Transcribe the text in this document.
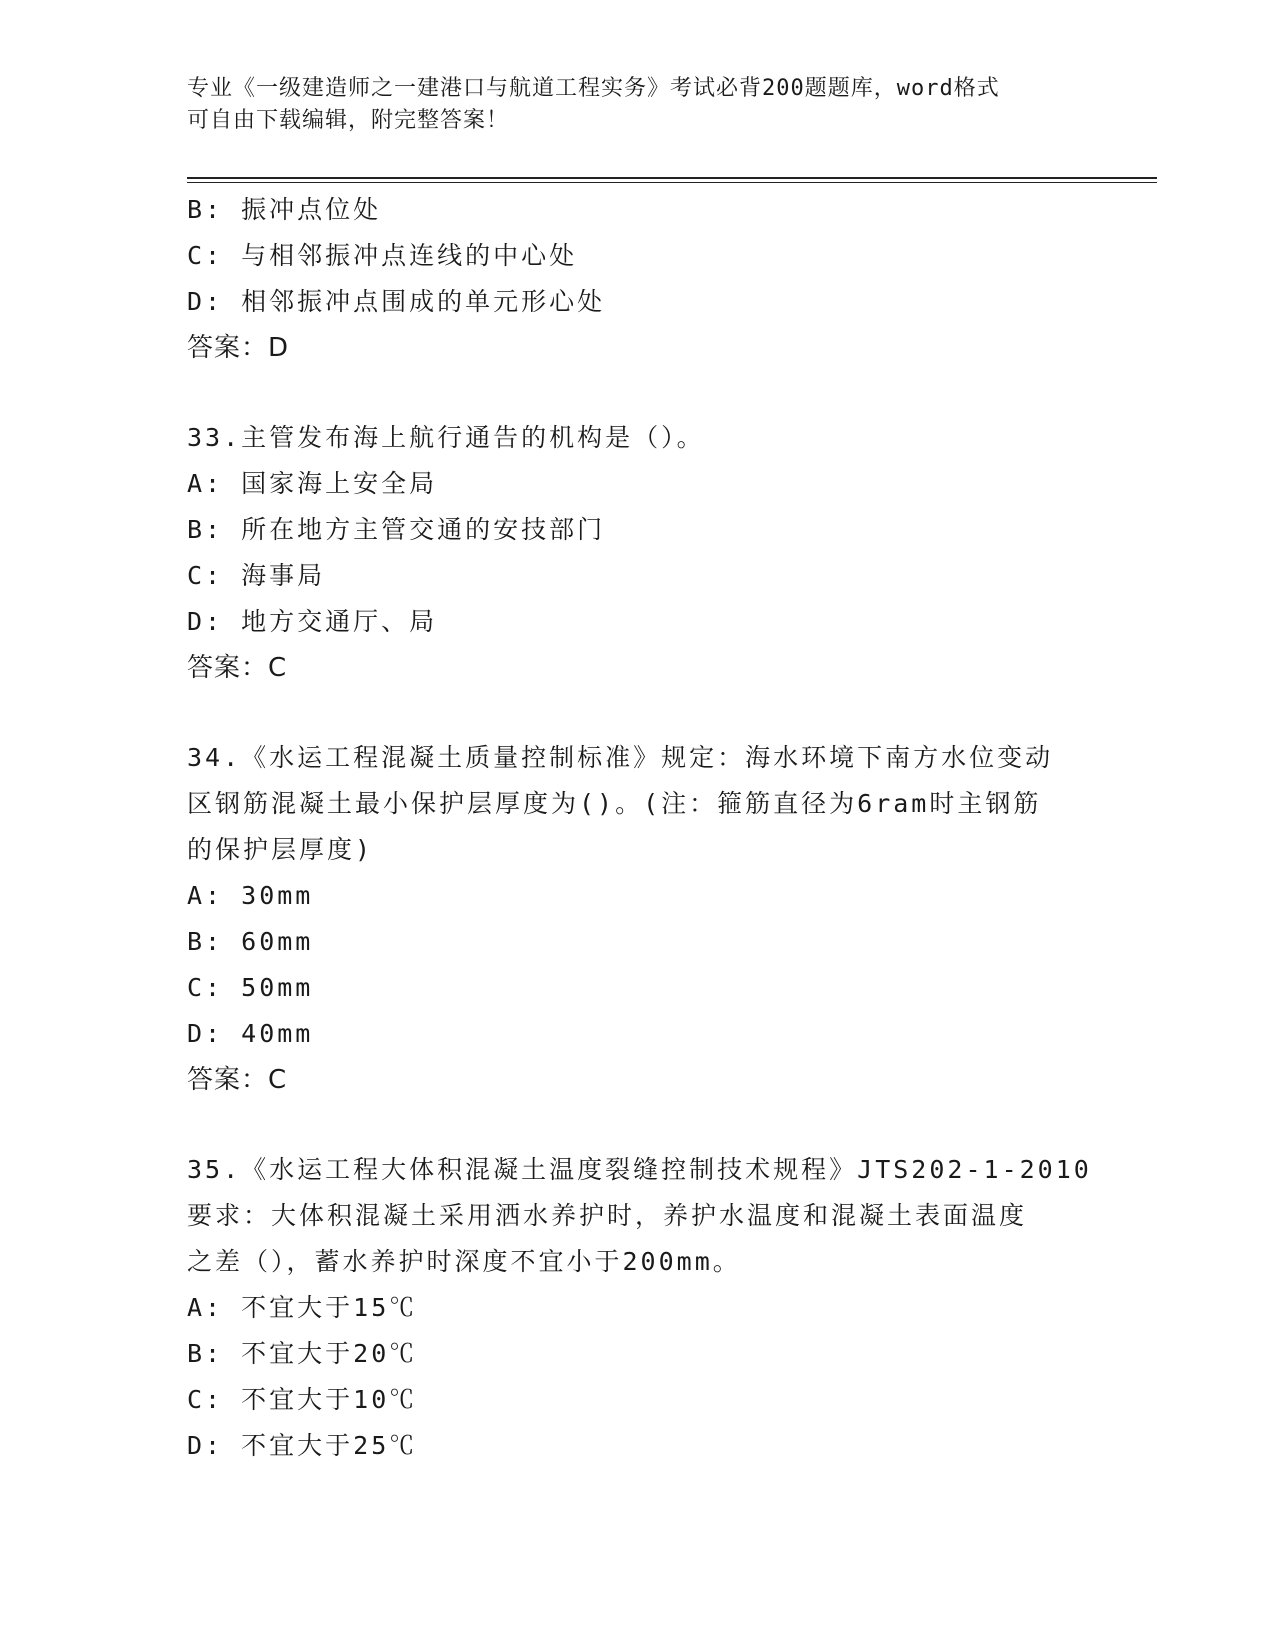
专业《一级建造师之一建港口与航道工程实务》考试必背200题题库，word格式
可自由下载编辑，附完整答案！
B: 振冲点位处
C: 与相邻振冲点连线的中心处
D: 相邻振冲点围成的单元形心处
答案：D
33.主管发布海上航行通告的机构是（）。
A: 国家海上安全局
B: 所在地方主管交通的安技部门
C: 海事局
D: 地方交通厅、局
答案：C
34.《水运工程混凝土质量控制标准》规定：海水环境下南方水位变动
区钢筋混凝土最小保护层厚度为()。(注：箍筋直径为6ram时主钢筋
的保护层厚度)
A: 30mm
B: 60mm
C: 50mm
D: 40mm
答案：C
35.《水运工程大体积混凝土温度裂缝控制技术规程》JTS202-1-2010
要求：大体积混凝土采用洒水养护时，养护水温度和混凝土表面温度
之差（），蓄水养护时深度不宜小于200mm。
A: 不宜大于15℃
B: 不宜大于20℃
C: 不宜大于10℃
D: 不宜大于25℃
